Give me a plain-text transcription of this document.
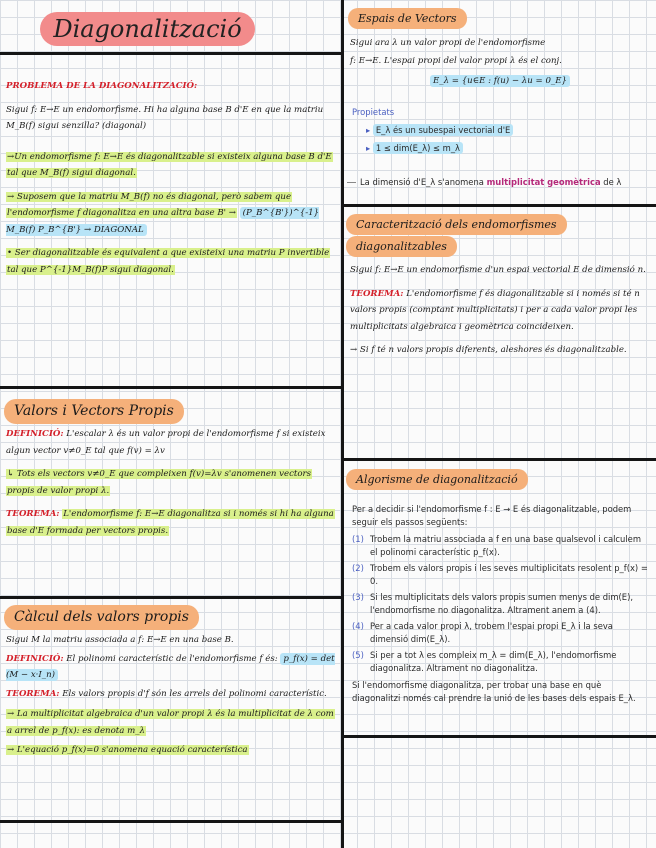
Diagonalització

PROBLEMA DE LA DIAGONALITZACIÓ:

Sigui f: E→E un endomorfisme. Hi ha alguna base B d'E en que la matriu M_B(f) sigui senzilla? (diagonal)

→Un endomorfisme f: E→E és diagonalitzable si existeix alguna base B d'E tal que M_B(f) sigui diagonal.

→ Suposem que la matriu M_B(f) no és diagonal, però sabem que l'endomorfisme f diagonalitza en una altra base B' → (P_B^{B'})^{-1} M_B(f) P_B^{B'} → DIAGONAL

• Ser diagonalitzable és equivalent a que existeixi una matriu P invertible tal que P^{-1}M_B(f)P sigui diagonal.

Valors i Vectors Propis

DEFINICIÓ: L'escalar λ és un valor propi de l'endomorfisme f si existeix algun vector v≠0_E tal que f(v) = λv

↳ Tots els vectors v≠0_E que compleixen f(v)=λv s'anomenen vectors propis de valor propi λ.

TEOREMA: L'endomorfisme f: E→E diagonalitza si i només si hi ha alguna base d'E formada per vectors propis.

Càlcul dels valors propis

Sigui M la matriu associada a f: E→E en una base B.

DEFINICIÓ: El polinomi característic de l'endomorfisme f és: p_f(x) = det (M − x·I_n)

TEOREMA: Els valors propis d'f són les arrels del polinomi característic.

→ La multiplicitat algebraica d'un valor propi λ és la multiplicitat de λ com a arrel de p_f(x): es denota m_λ

→ L'equació p_f(x)=0 s'anomena equació característica

Espais de Vectors
Sigui ara λ un valor propi de l'endomorfisme
f: E→E. L'espai propi del valor propi λ és el conj.
E_λ = {u∈E : f(u) − λu = 0_E}
Propietats
▸ E_λ és un subespai vectorial d'E
▸ 1 ≤ dim(E_λ) ≤ m_λ
La dimensió d'E_λ s'anomena multiplicitat geomètrica de λ
Caracterització dels endomorfismes
diagonalitzables

Sigui f: E→E un endomorfisme d'un espai vectorial E de dimensió n.

TEOREMA: L'endomorfisme f és diagonalitzable si i només si té n valors propis (comptant multiplicitats) i per a cada valor propi les multiplicitats algebraica i geomètrica coincideixen.

→ Si f té n valors propis diferents, aleshores és diagonalitzable.

Algorisme de diagonalització
Per a decidir si l'endomorfisme f : E → E és diagonalitzable, podem seguir els passos següents:
(1) Trobem la matriu associada a f en una base qualsevol i calculem el polinomi característic p_f(x).
(2) Trobem els valors propis i les seves multiplicitats resolent p_f(x) = 0.
(3) Si les multiplicitats dels valors propis sumen menys de dim(E), l'endomorfisme no diagonalitza. Altrament anem a (4).
(4) Per a cada valor propi λ, trobem l'espai propi E_λ i la seva dimensió dim(E_λ).
(5) Si per a tot λ es compleix m_λ = dim(E_λ), l'endomorfisme diagonalitza. Altrament no diagonalitza.
Si l'endomorfisme diagonalitza, per trobar una base en què diagonalitzi només cal prendre la unió de les bases dels espais E_λ.
